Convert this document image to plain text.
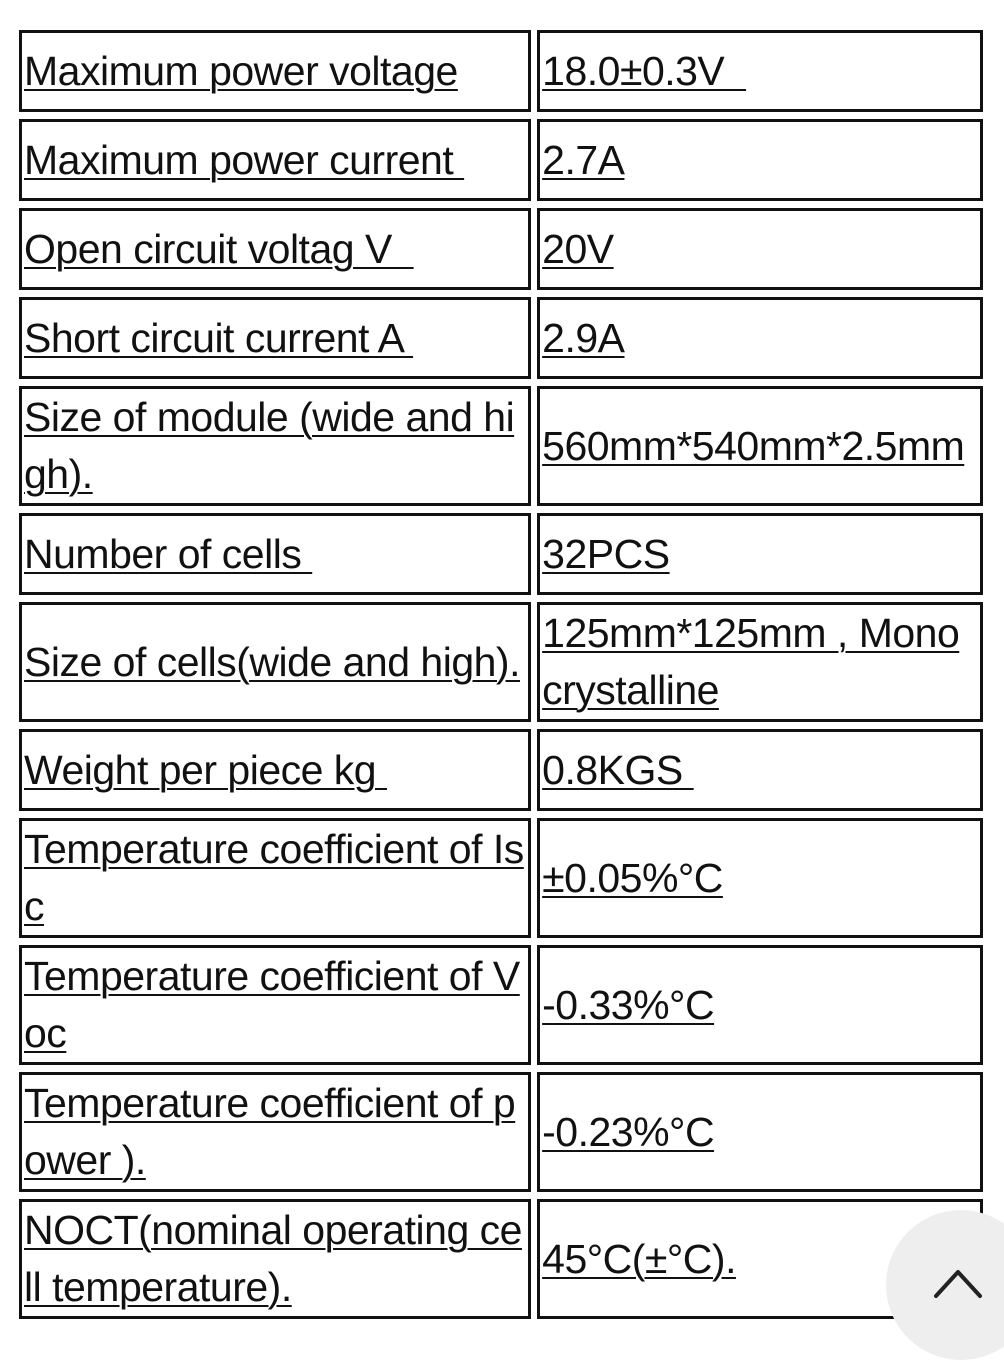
Maximum power voltage		18.0±0.3V
Maximum power current		2.7A
Open circuit voltag V		20V
Short circuit current A		2.9A
Size of module (wide and high).		560mm*540mm*2.5mm
Number of cells		32PCS
Size of cells(wide and high).		125mm*125mm , Monocrystalline
Weight per piece kg		0.8KGS
Temperature coefficient of Isc		±0.05%°C
Temperature coefficient of Voc		-0.33%°C
Temperature coefficient of power ).		-0.23%°C
NOCT(nominal operating cell temperature).		45°C(±°C).
